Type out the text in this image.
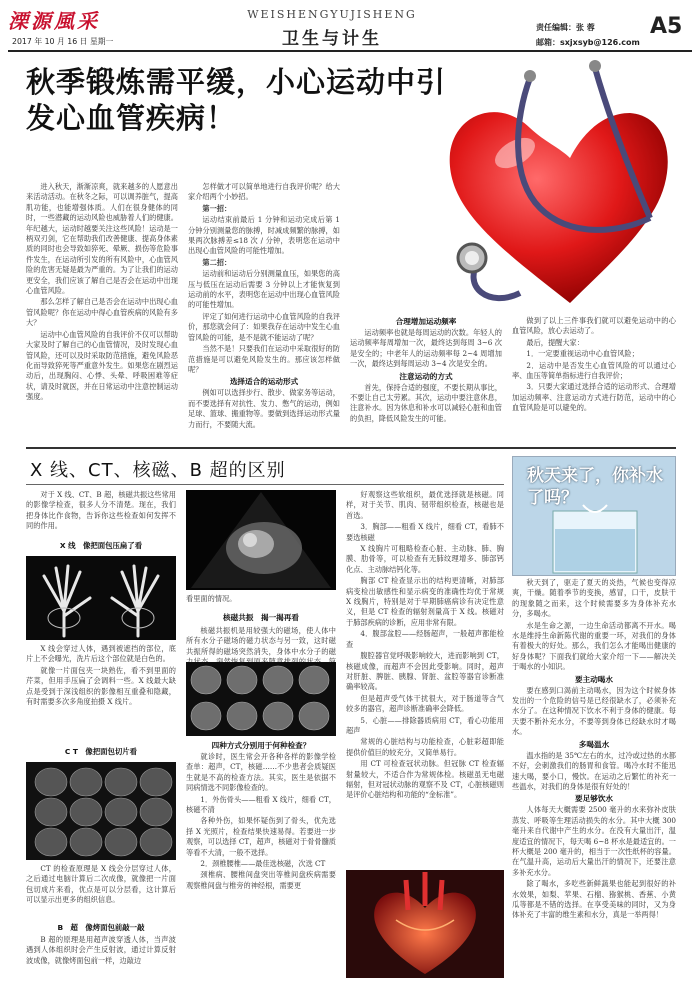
溧源風采
2017 年 10 月 16 日 星期一
WEISHENGYUJISHENG
卫生与计生
责任编辑：张 蓉
邮箱：sxjxsyb@126.com
A5
秋季锻炼需平缓，小心运动中引发心血管疾病！

进入秋天，渐渐凉爽，就来越多的人愿意出来活动活动。在秋冬之际，可以调养脏气，提高肌功能，也能增强体质。人们在很身健体的同时，一些潜藏的运动风险也威胁着人们的健康。年纪越大，运动时越要关注这些风险！运动是一柄双刃剑，它在帮助我们改善健康、提高身体素质的同时也会导致如猝死、晕厥、损伤等危险事件发生，在运动所引发的所有风险中，心血管风险的危害无疑是最为严重的。为了让我们的运动更安全，我们应该了解自己是否会在运动中出现心血管风险。

那么怎样了解自己是否会在运动中出现心血管风险呢？你在运动中得心血管疾病的风险有多大？

运动中心血管风险的自我评价不仅可以帮助大家及时了解自己的心血管情况，及时发现心血管风险，还可以及时采取防范措施，避免风险恶化而导致猝死等严重意外发生。如果您在剧烈运动后，出现胸闷、心悸、头晕、呼吸困难等症状，请及时就医，并在日常运动中注意控制运动强度。

怎样做才可以简单地进行自我评价呢？给大家介绍两个小妙招。

第一招：

运动结束前最后 1 分钟和运动完成后第 1 分钟分别测量您的脉搏，时减成频繁的脉搏，如果两次脉搏差≤18 次 / 分钟，表明您在运动中出现心血管风险的可能性增加。

第二招：

运动前和运动后分别测量血压，如果您的高压与低压在运动后需要 3 分钟以上才能恢复到运动前的水平，表明您在运动中出现心血管风险的可能性增加。

评定了如何进行运动中心血管风险的自我评价，那您就会问了：如果我存在运动中发生心血管风险的可能，是不是就不能运动了呢？

当然不是！只要我们在运动中采取很好的防范措施是可以避免风险发生的。那应该怎样做呢？

选择适合的运动形式

例如可以选择步行、散步、做家务等运动，而不要选择有对抗性、发力、憋气的运动，例如足球、篮球、搬重物等。要做到选择运动形式量力而行，不要随大流。

合理增加运动频率

运动频率也就是每周运动的次数。年轻人的运动频率每周增加一次，最终达到每周 3~6 次是安全的；中老年人的运动频率每 2~4 周增加一次，最终达到每周运动 3~4 次是安全的。

注意运动的方式

首先，保持合适的强度，不要长期从事比，不要让自己太劳累。其次，运动中要注意休息，注意补水。因为休息和补水可以减轻心脏和血管的负担，降低风险发生的可能。

做到了以上三件事我们就可以避免运动中的心血管风险，放心去运动了。

最后，提醒大家：

1．一定要重视运动中心血管风险；

2．运动中是否发生心血管风险的可以通过心率、血压等简单指标进行自我评价；

3．只要大家通过选择合适的运动形式、合理增加运动频率、注意运动方式进行防范，运动中的心血管风险是可以避免的。

X 线、CT、核磁、B 超的区别

对于 X 线、CT、B 超，核磁共振这些常用的影像学检查，很多人分不清楚。现在，我们把身体比作食物，告诉你这些检查如何发挥不同的作用。

X 线　像把面包压扁了看

X 线会穿过人体，遇到被遮挡的部位，底片上不会曝光，洗片后这个部位就是白色的。

就像一片面包夹一块熟佐，看不到里面的芹菜，但用手压扁了会调料一些。X 线最大缺点是受到于深浅组织的影像相互重叠和隐藏，有时需要多次多角度拍摄 X 线片。

C T　像把面包切片看

CT 的检查原理是 X 线会分层穿过人体，之后通过电脑计算后二次成像，就像把一片面包切成片来看，优点是可以分层看，这计算后可以显示出更多的组织信息。

B　超　像烤面包前敲一敲

B 超的原理是用超声波穿透人体，当声波遇到人体组织时会产生反射波，通过计算反射波成像，就像烤面包前一样，边敲边

看里面的情况。

核磁共振　揭一揭再看

核磁共振机是用较强大的磁场，使人体中所有水分子磁场的磁力状态与另一致，这时磁共振所得的磁场突然消失，身体中水分子的磁

四种方式分别用于何种检查？

就诊时，医生常会开各种各样的影像学检查单：超声，CT，核磁……不少患者会质疑医生就是不高的检查方法。其实，医生是依据不同病情选不同影像检查的。

1．外伤骨头——粗看 X 线片，细看 CT，核磁不清

各种外伤，如果怀疑伤到了骨头，优先选择 X 光照片，检查结果快速易得。若要进一步观察，可以选择 CT，超声，核磁对于骨骨髓质等看不大清，一般不选择。

2．颈椎腰椎——最佳选核磁，次选 CT

颈椎病、腰椎间盘突出等椎间盘疾病需要观察椎间盘与椎旁的神经根，需要更

好观察这些软组织，最优选择就是核磁。同样，对于关节、肌肉、韧带组织检查，核磁也是首选。

3．胸部——粗看 X 线片，细看 CT，看肺不要选核磁

X 线胸片可粗略检查心脏、主动脉、肺、胸膜、肋骨等，可以检查有无肺纹理增多、肺部钙化点、主动脉结钙化等。

胸部 CT 检查显示出的结构更清晰，对肺部病变检出敏感性和显示病变的准确性均优于常规 X 线胸片，特别是对于早期肺癌病诊有决定性意义，但是 CT 检查的辐射剂量高于 X 线。核磁对于肺部疾病的诊断，应用非常有限。

4．腹部盆腔——经肠超声，一般超声都能检查

腹腔器官觉呼吸影响较大，进而影响到 CT，核磁成像，而超声不会因此受影响。同时，超声对肝脏、脾脏、胰腺、肾脏、盆腔等器官诊断准确率较高。

但是超声受气体干扰很大，对于肠道等含气较多的器官，超声诊断准确率会降低。

5．心脏——排除器质病用 CT，看心功能用超声

常规的心脏结构与功能检查，心脏彩超即能提供价值巨的较充分，又简单易行。

用 CT 可检查冠状动脉。但冠脉 CT 检查辐射量较大，不适合作为常规体检。核磁虽无电磁辐射，但对冠状动脉的观察不及 CT，心脏核磁则是评价心脏结构和功能的“金标准”。

秋天来了，你补水了吗？

秋天到了，驱走了夏天的炎热，气候也变得凉爽，干燥。随着季节的变换，感冒，口干，皮肤干的现象随之而来，这个时候需要多为身体补充水分，多喝水。

水是生命之源，一边生命活动都离不开水。喝水是维持生命新陈代谢的重要一环，对我们的身体有着极大的好处。那么，我们怎么才能喝出健康的好身体呢？下面我们就给大家介绍一下——解决关于喝水的小知识。

要主动喝水

要在感到口渴前主动喝水，因为这个时候身体发出的一个危险的信号是已经很缺水了，必须补充水分了。在这种情况下饮水不利于身体的健康。每天要不断补充水分，不要等到身体已经缺水时才喝水。

多喝温水

温水指的是 35℃左右的水，过冷或过热的水都不好，会刺激我们的肠胃和食管。喝冷水时不能迅速大喝，要小口，慢饮。在运动之后繁忙的补充一些温水，对我们的身体是很有好处的！

要足够饮水

人体每天大概需要 2500 毫升的水来弥补皮肤蒸发、呼吸等生理活动损失的水分。其中大概 300 毫升来自代谢中产生的水分。在没有大量出汗，温度适宜的情况下，每天喝 6~8 杯水是最适宜的。一杯大概是 200 毫升的，相当于一次性纸杯的容量。在气温升高，运动后大量出汗的情况下，还要注意多补充水分。

除了喝水，多吃些新鲜蔬果也能起到很好的补水效果，如梨、苹果、石榴、猕猴桃、香蕉、小黄瓜等都是不错的选择。在享受美味的同时，又为身体补充了丰富的维生素和水分，真是一举两得！
